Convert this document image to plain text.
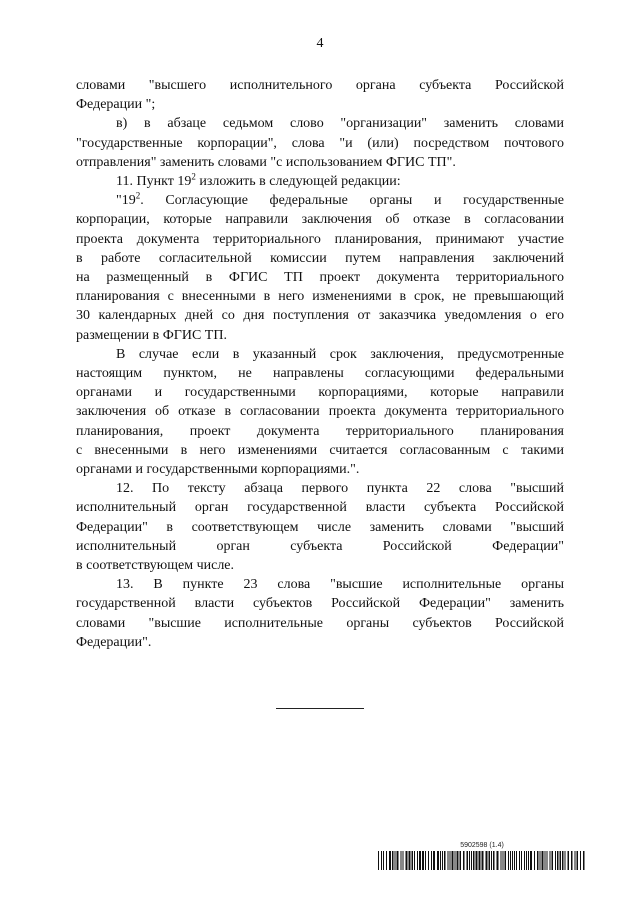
4
словами "высшего исполнительного органа субъекта Российской
Федерации ";
в) в абзаце седьмом слово "организации" заменить словами
"государственные корпорации", слова "и (или) посредством почтового
отправления" заменить словами "с использованием ФГИС ТП".
11. Пункт $19^2$ изложить в следующей редакции:
"$19^2$. Согласующие федеральные органы и государственные
корпорации, которые направили заключения об отказе в согласовании
проекта документа территориального планирования, принимают участие
в работе согласительной комиссии путем направления заключений
на размещенный в ФГИС ТП проект документа территориального
планирования с внесенными в него изменениями в срок, не превышающий
30 календарных дней со дня поступления от заказчика уведомления о его
размещении в ФГИС ТП.
В случае если в указанный срок заключения, предусмотренные
настоящим пунктом, не направлены согласующими федеральными
органами и государственными корпорациями, которые направили
заключения об отказе в согласовании проекта документа территориального
планирования, проект документа территориального планирования
с внесенными в него изменениями считается согласованным с такими
органами и государственными корпорациями.".
12. По тексту абзаца первого пункта 22 слова "высший
исполнительный орган государственной власти субъекта Российской
Федерации" в соответствующем числе заменить словами "высший
исполнительный орган субъекта Российской Федерации"
в соответствующем числе.
13. В пункте 23 слова "высшие исполнительные органы
государственной власти субъектов Российской Федерации" заменить
словами "высшие исполнительные органы субъектов Российской
Федерации".
5902598 (1.4)
